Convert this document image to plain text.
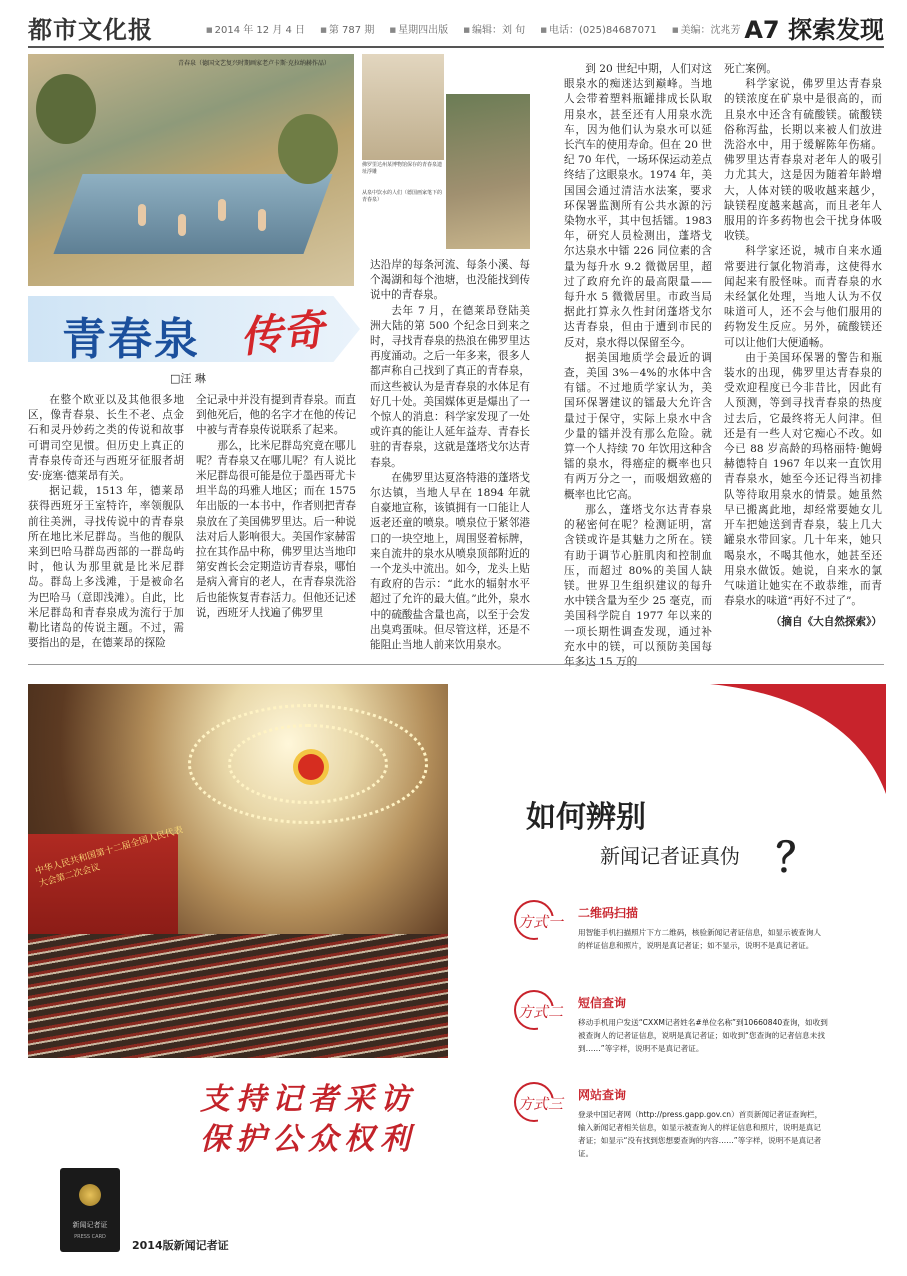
都市文化报	■ 2014 年 12 月 4 日 ■ 第 787 期 ■ 星期四出版 ■ 编辑：刘 旬 ■ 电话：(025)84687071 ■ 美编：沈兆芳 A7 探索发现
青春泉（德国文艺复兴时期画家老卢卡斯·克拉纳赫作品）
佛罗里达州某博物馆保存的青春泉遗址浮雕
从泉中饮水的人们（德国画家笔下的青春泉）
青春泉 传奇
□汪 琳

在整个欧亚以及其他很多地区，像青春泉、长生不老、点金石和灵丹妙药之类的传说和故事可谓司空见惯。但历史上真正的青春泉传奇还与西班牙征服者胡安·庞塞·德莱昂有关。

据记载，1513 年，德莱昂获得西班牙王室特许，率领舰队前往美洲，寻找传说中的青春泉所在地比米尼群岛。当他的舰队来到巴哈马群岛西部的一群岛屿时，他认为那里就是比米尼群岛。群岛上多浅滩，于是被命名为巴哈马（意即浅滩）。自此，比米尼群岛和青春泉成为流行于加勒比诸岛的传说主题。不过，需要指出的是，在德莱昂的探险

全记录中并没有提到青春泉。而直到他死后，他的名字才在他的传记中被与青春泉传说联系了起来。

那么，比米尼群岛究竟在哪儿呢？青春泉又在哪儿呢？有人说比米尼群岛很可能是位于墨西哥尤卡坦半岛的玛雅人地区；而在 1575 年出版的一本书中，作者则把青春泉放在了美国佛罗里达。后一种说法对后人影响很大。美国作家赫雷拉在其作品中称，佛罗里达当地印第安酋长会定期造访青春泉，哪怕是病入膏肓的老人，在青春泉洗浴后也能恢复青春活力。但他还记述说，西班牙人找遍了佛罗里

达沿岸的每条河流、每条小溪、每个渴湖和每个池塘，也没能找到传说中的青春泉。

去年 7 月，在德莱昂登陆美洲大陆的第 500 个纪念日到来之时，寻找青春泉的热浪在佛罗里达再度涌动。之后一年多来，很多人都声称自己找到了真正的青春泉，而这些被认为是青春泉的水体足有好几十处。美国媒体更是爆出了一个惊人的消息：科学家发现了一处或许真的能让人延年益寿、青春长驻的青春泉，这就是蓬塔戈尔达青春泉。

在佛罗里达夏洛特港的蓬塔戈尔达镇，当地人早在 1894 年就自豪地宣称，该镇拥有一口能让人返老还童的喷泉。喷泉位于紧邻港口的一块空地上，周围竖着标牌，来自流井的泉水从喷泉顶部附近的一个龙头中流出。如今，龙头上贴有政府的告示：“此水的辐射水平超过了允许的最大值。”此外，泉水中的硫酸盐含量也高，以至于会发出臭鸡蛋味。但尽管这样，还是不能阻止当地人前来饮用泉水。

到 20 世纪中期，人们对这眼泉水的痴迷达到巅峰。当地人会带着塑料瓶罐排成长队取用泉水，甚至还有人用泉水洗车，因为他们认为泉水可以延长汽车的使用寿命。但在 20 世纪 70 年代，一场环保运动差点终结了这眼泉水。1974 年，美国国会通过清洁水法案，要求环保署监测所有公共水源的污染物水平，其中包括镭。1983 年，研究人员检测出，蓬塔戈尔达泉水中镭 226 同位素的含量为每升水 9.2 微微居里，超过了政府允许的最高限量——每升水 5 微微居里。市政当局据此打算永久性封闭蓬塔戈尔达青春泉，但由于遭到市民的反对，泉水得以保留至今。

据美国地质学会最近的调查，美国 3%－4%的水体中含有镭。不过地质学家认为，美国环保署建议的镭最大允许含量过于保守，实际上泉水中含少量的镭并没有那么危险。就算一个人持续 70 年饮用这种含镭的泉水，得癌症的概率也只有两万分之一，而吸烟致癌的概率也比它高。

那么，蓬塔戈尔达青春泉的秘密何在呢？检测证明，富含镁或许是其魅力之所在。镁有助于调节心脏肌肉和控制血压，而超过 80%的美国人缺镁。世界卫生组织建议的每升水中镁含量为至少 25 毫克，而美国科学院自 1977 年以来的一项长期性调查发现，通过补充水中的镁，可以预防美国每年多达 15 万的

死亡案例。

科学家说，佛罗里达青春泉的镁浓度在矿泉中是很高的，而且泉水中还含有硫酸镁。硫酸镁俗称泻盐，长期以来被人们放进洗浴水中，用于缓解陈年伤痛。佛罗里达青春泉对老年人的吸引力尤其大，这是因为随着年龄增大，人体对镁的吸收越来越少，缺镁程度越来越高，而且老年人服用的许多药物也会干扰身体吸收镁。

科学家还说，城市自来水通常要进行氯化物消毒，这使得水闻起来有股怪味。而青春泉的水未经氯化处理，当地人认为不仅味道可人，还不会与他们服用的药物发生反应。另外，硫酸镁还可以让他们大便通畅。

由于美国环保署的警告和瓶装水的出现，佛罗里达青春泉的受欢迎程度已今非昔比，因此有人预测，等到寻找青春泉的热度过去后，它最终将无人问津。但还是有一些人对它痴心不改。如今已 88 岁高龄的玛格丽特·鲍姆赫德特自 1967 年以来一直饮用青春泉水，她至今还记得当初排队等待取用泉水的情景。她虽然早已搬离此地，却经常要她女儿开车把她送到青春泉，装上几大罐泉水带回家。几十年来，她只喝泉水，不喝其他水，她甚至还用泉水做饭。她说，自来水的氯气味道让她实在不敢恭维，而青春泉水的味道“再好不过了”。

（摘自《大自然探索》）

中华人民共和国第十二届全国人民代表大会第二次会议
支持记者采访
保护公众权利
如何辨别
新闻记者证真伪 ？
方式一 二维码扫描
用智能手机扫描照片下方二维码，核验新闻记者证信息，如显示被查询人的样证信息和照片，说明是真记者证；如不显示，说明不是真记者证。
方式二 短信查询
移动手机用户发送“CXXM记者姓名#单位名称”到10660840查询，如收到被查询人的记者证信息，说明是真记者证；如收到“您查询的记者信息未找到……”等字样，说明不是真记者证。
方式三 网站查询
登录中国记者网（http://press.gapp.gov.cn）首页新闻记者证查询栏，输入新闻记者相关信息，如显示被查询人的样证信息和照片，说明是真记者证；如显示“没有找到您想要查询的内容……”等字样，说明不是真记者证。
新闻记者证
PRESS CARD
2014版新闻记者证
